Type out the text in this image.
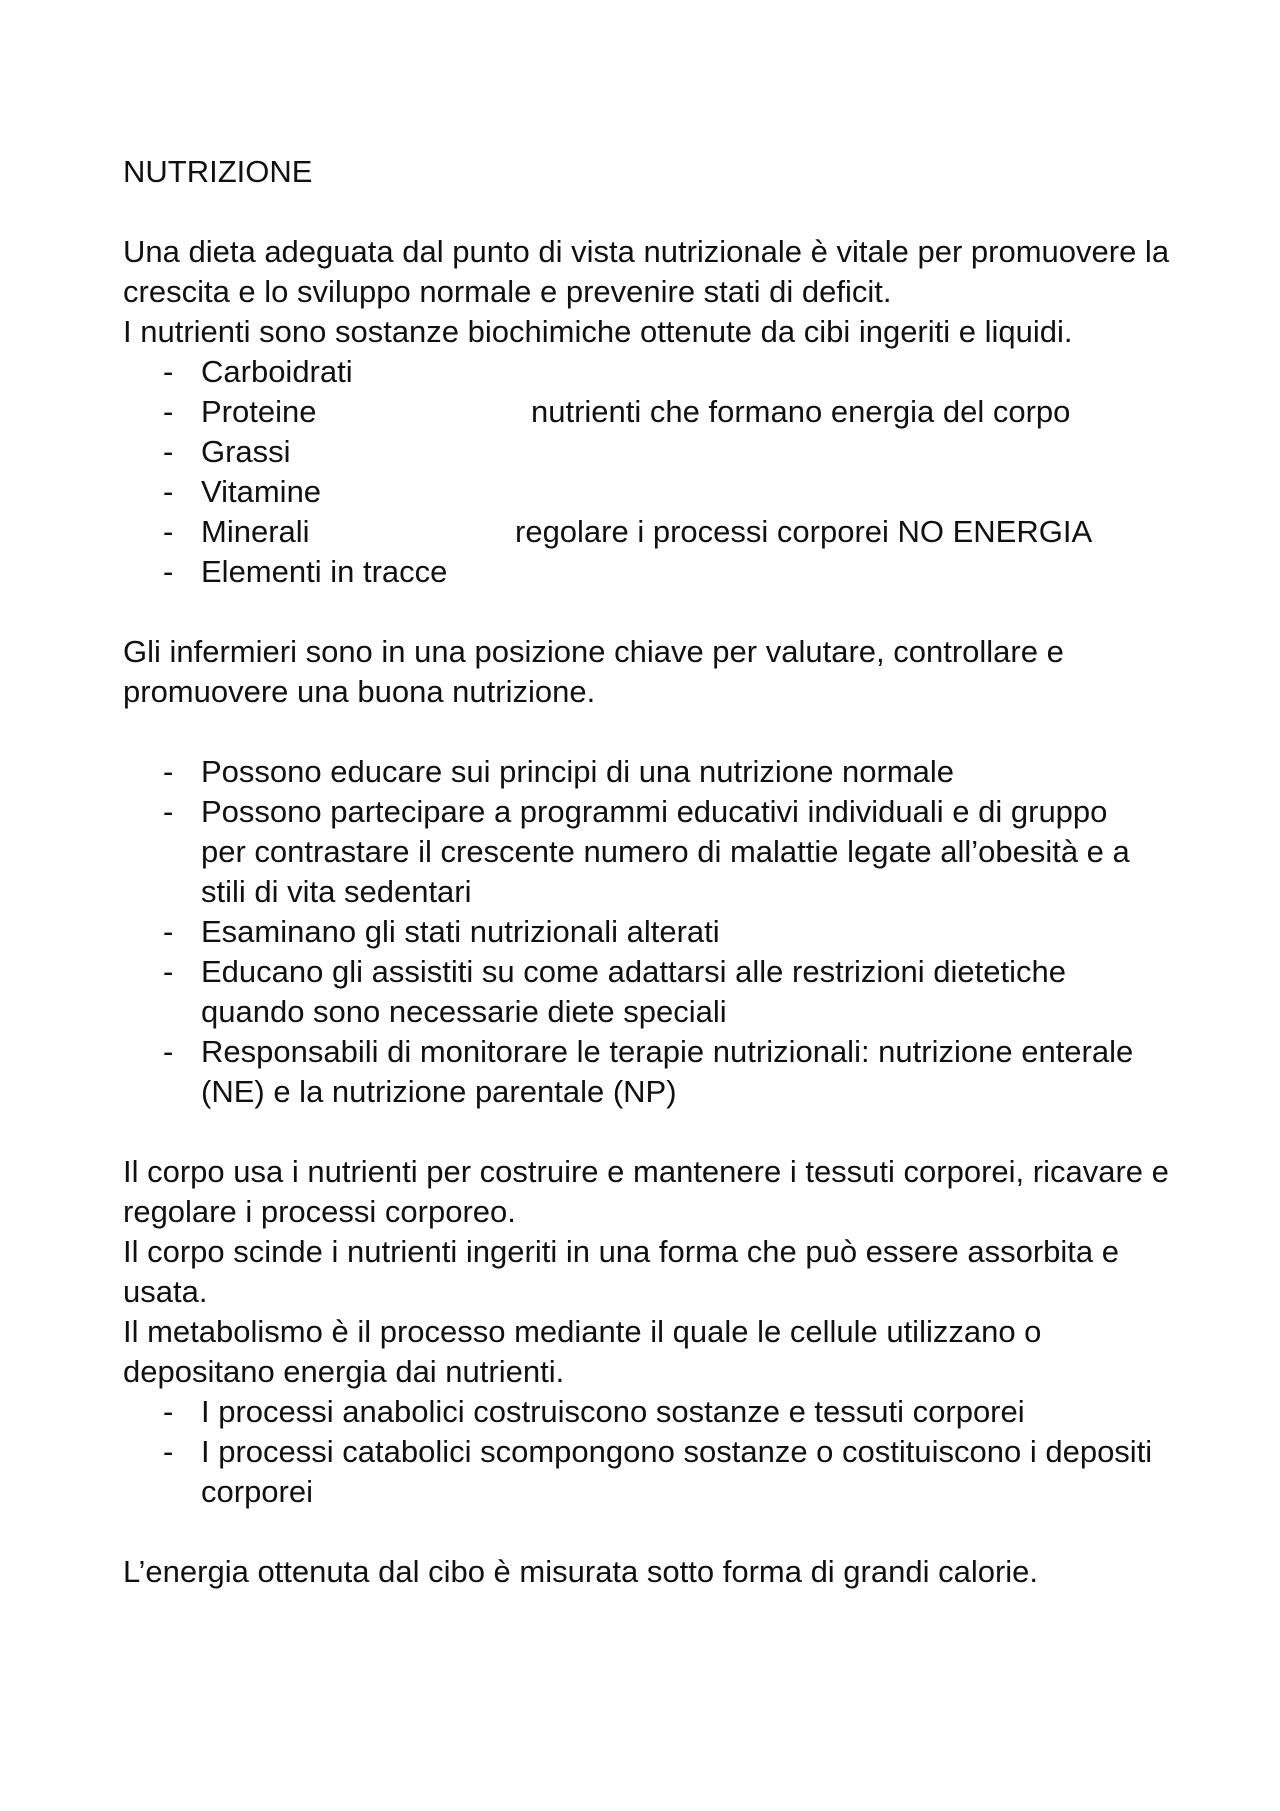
NUTRIZIONE

Una dieta adeguata dal punto di vista nutrizionale è vitale per promuovere la crescita e lo sviluppo normale e prevenire stati di deficit.

I nutrienti sono sostanze biochimiche ottenute da cibi ingeriti e liquidi.

- Carboidrati
- Proteine
- Grassi
- Vitamine
- Minerali
- Elementi in tracce
nutrienti che formano energia del corpo
regolare i processi corporei NO ENERGIA

Gli infermieri sono in una posizione chiave per valutare, controllare e promuovere una buona nutrizione.

- Possono educare sui principi di una nutrizione normale
- Possono partecipare a programmi educativi individuali e di gruppo per contrastare il crescente numero di malattie legate all’obesità e a stili di vita sedentari
- Esaminano gli stati nutrizionali alterati
- Educano gli assistiti su come adattarsi alle restrizioni dietetiche quando sono necessarie diete speciali
- Responsabili di monitorare le terapie nutrizionali: nutrizione enterale (NE) e la nutrizione parentale (NP)

Il corpo usa i nutrienti per costruire e mantenere i tessuti corporei, ricavare e regolare i processi corporeo.

Il corpo scinde i nutrienti ingeriti in una forma che può essere assorbita e usata.

Il metabolismo è il processo mediante il quale le cellule utilizzano o depositano energia dai nutrienti.

- I processi anabolici costruiscono sostanze e tessuti corporei
- I processi catabolici scompongono sostanze o costituiscono i depositi corporei

L’energia ottenuta dal cibo è misurata sotto forma di grandi calorie.
